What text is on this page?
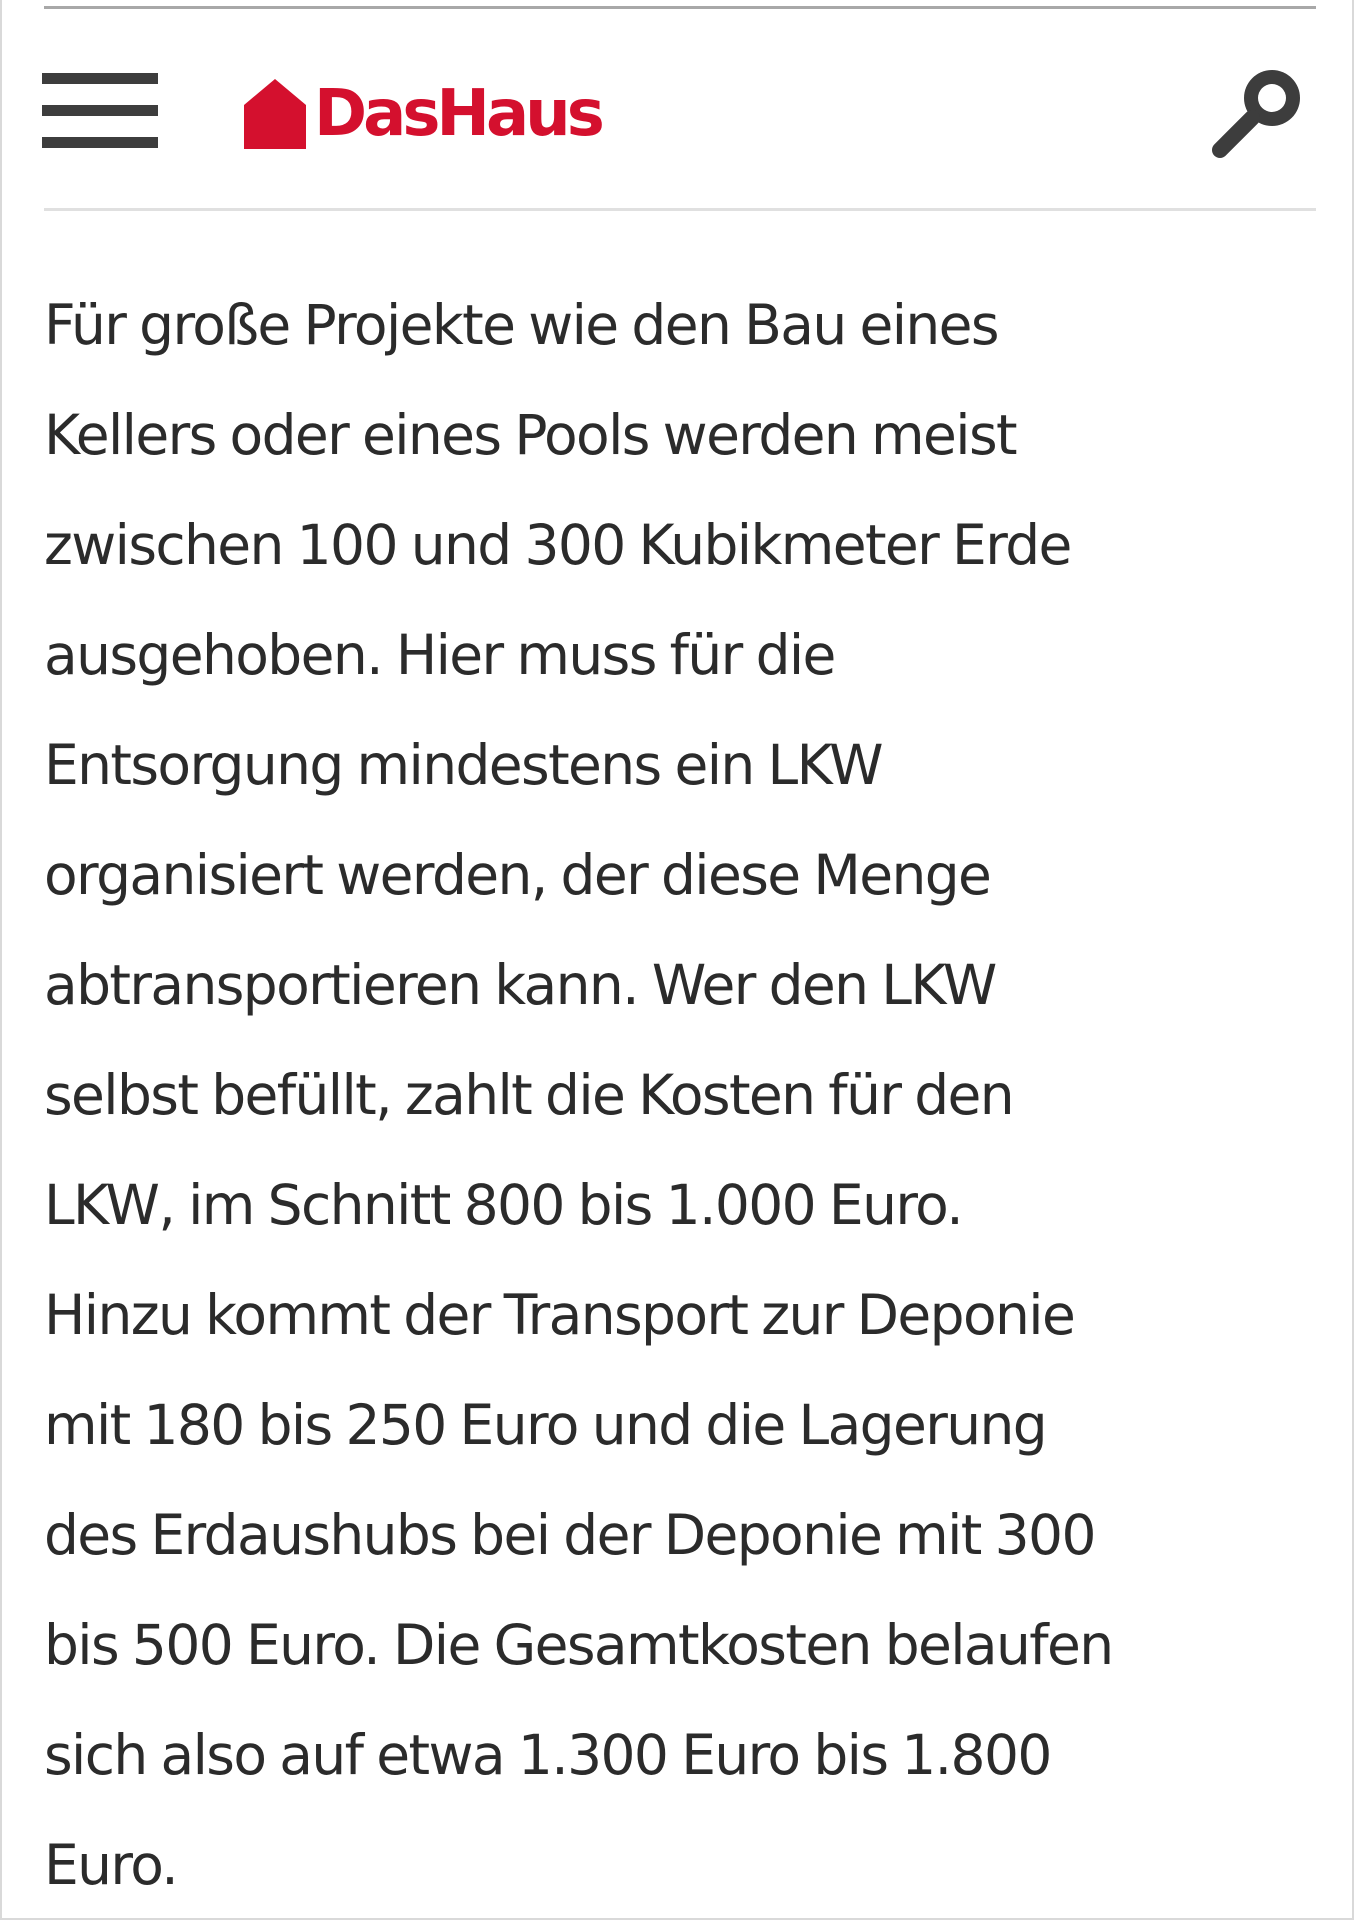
DasHaus

Für große Projekte wie den Bau eines
Kellers oder eines Pools werden meist
zwischen 100 und 300 Kubikmeter Erde
ausgehoben. Hier muss für die
Entsorgung mindestens ein LKW
organisiert werden, der diese Menge
abtransportieren kann. Wer den LKW
selbst befüllt, zahlt die Kosten für den
LKW, im Schnitt 800 bis 1.000 Euro.
Hinzu kommt der Transport zur Deponie
mit 180 bis 250 Euro und die Lagerung
des Erdaushubs bei der Deponie mit 300
bis 500 Euro. Die Gesamtkosten belaufen
sich also auf etwa 1.300 Euro bis 1.800
Euro.
